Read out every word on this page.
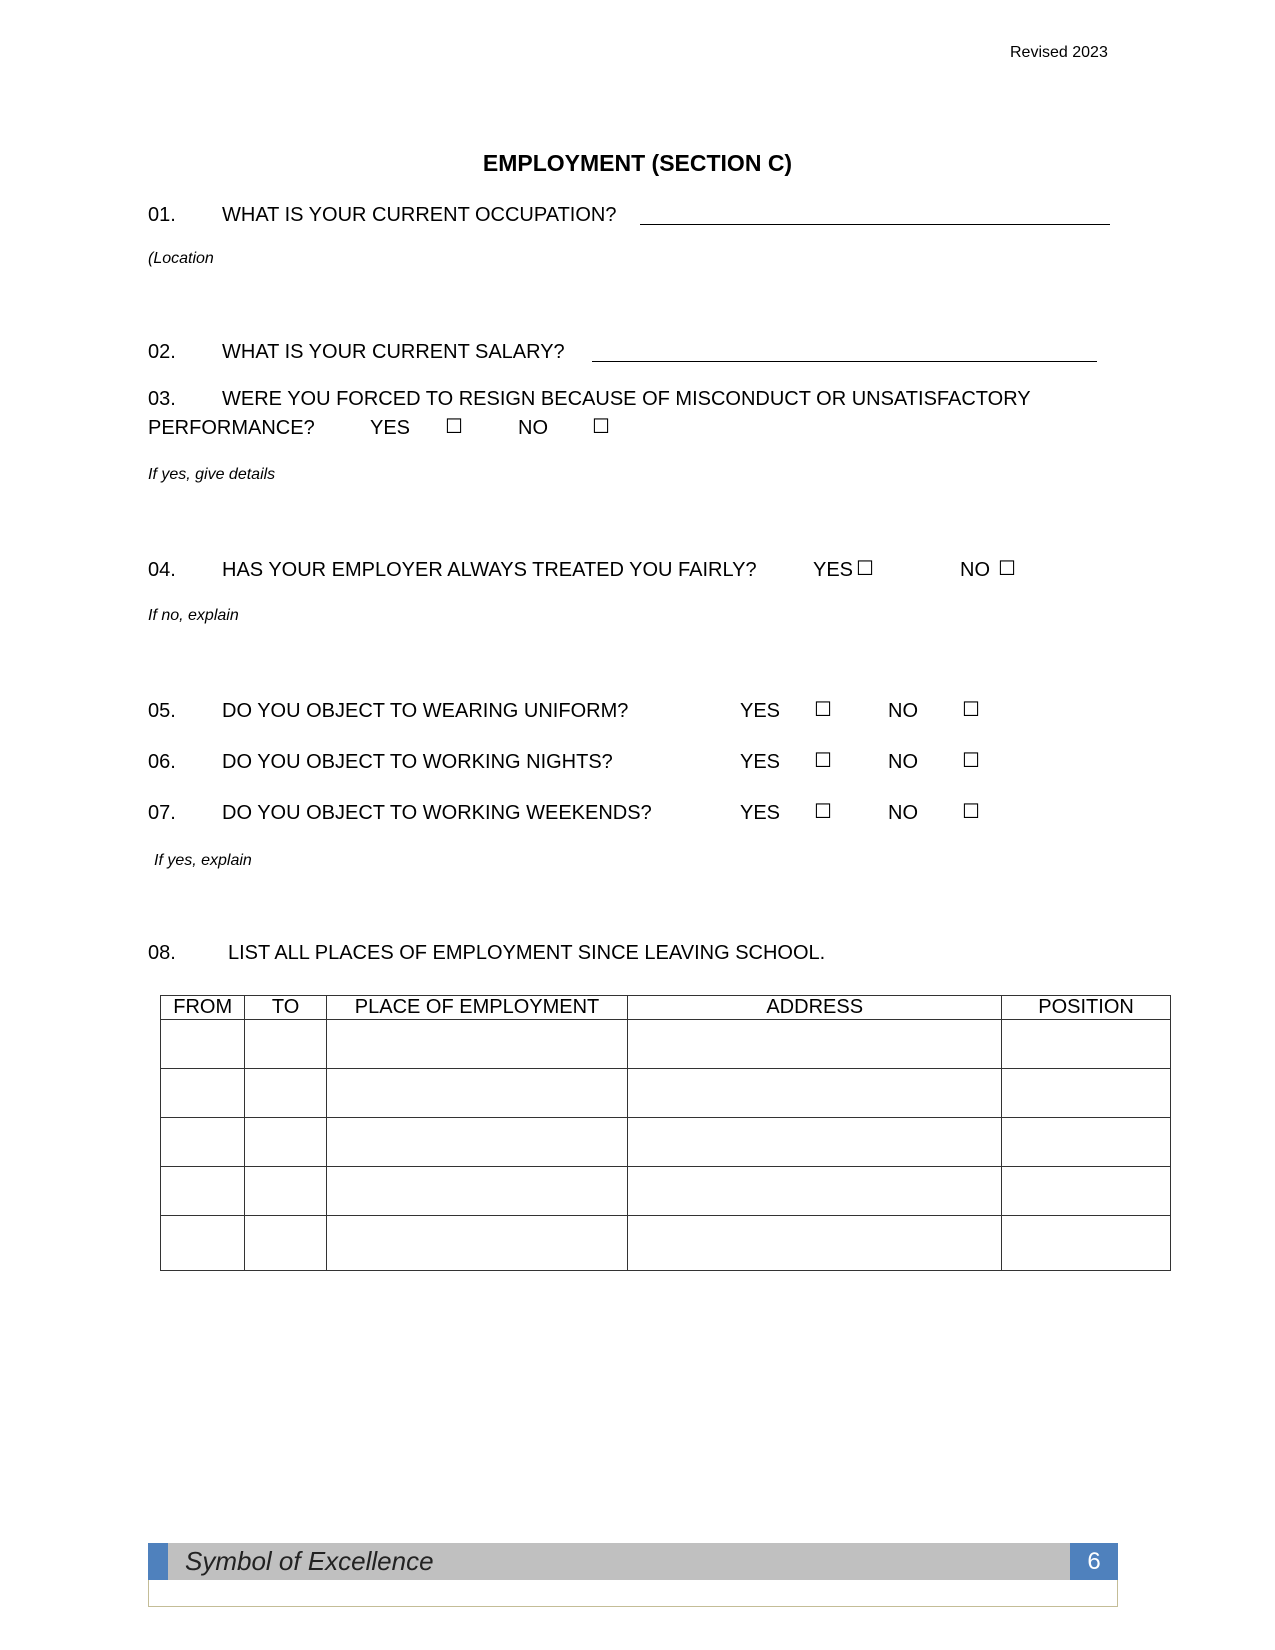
Revised 2023
EMPLOYMENT (SECTION C)
01. WHAT IS YOUR CURRENT OCCUPATION?
(Location
02. WHAT IS YOUR CURRENT SALARY?
03. WERE YOU FORCED TO RESIGN BECAUSE OF MISCONDUCT OR UNSATISFACTORY
PERFORMANCE?	YES ☐	NO ☐
If yes, give details
04. HAS YOUR EMPLOYER ALWAYS TREATED YOU FAIRLY?	YES ☐	NO ☐
If no, explain
05. DO YOU OBJECT TO WEARING UNIFORM?	YES ☐	NO ☐
06. DO YOU OBJECT TO WORKING NIGHTS?	YES ☐	NO ☐
07. DO YOU OBJECT TO WORKING WEEKENDS?	YES ☐	NO ☐
If yes, explain
08.	LIST ALL PLACES OF EMPLOYMENT SINCE LEAVING SCHOOL.
FROM	TO	PLACE OF EMPLOYMENT	ADDRESS	POSITION

Symbol of Excellence	6
